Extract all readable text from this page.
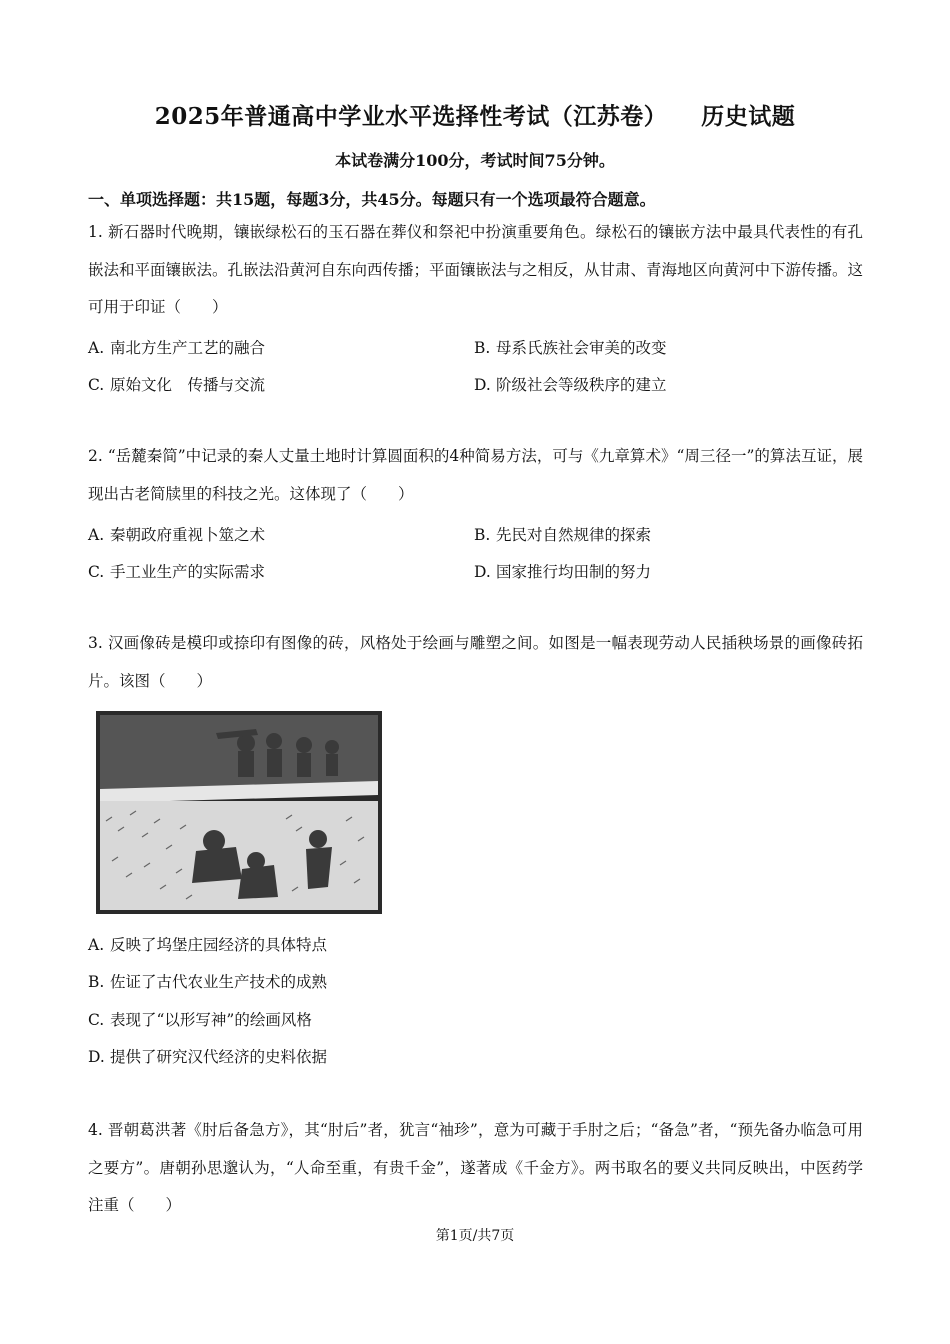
2025年普通高中学业水平选择性考试（江苏卷） 历史试题
本试卷满分100分，考试时间75分钟。
一、单项选择题：共15题，每题3分，共45分。每题只有一个选项最符合题意。
1. 新石器时代晚期，镶嵌绿松石的玉石器在葬仪和祭祀中扮演重要角色。绿松石的镶嵌方法中最具代表性的有孔嵌法和平面镶嵌法。孔嵌法沿黄河自东向西传播；平面镶嵌法与之相反，从甘肃、青海地区向黄河中下游传播。这可用于印证（　　）
A. 南北方生产工艺的融合	B. 母系氏族社会审美的改变
C. 原始文化　传播与交流	D. 阶级社会等级秩序的建立
2. “岳麓秦简”中记录的秦人丈量土地时计算圆面积的4种简易方法，可与《九章算术》“周三径一”的算法互证，展现出古老简牍里的科技之光。这体现了（　　）
A. 秦朝政府重视卜筮之术	B. 先民对自然规律的探索
C. 手工业生产的实际需求	D. 国家推行均田制的努力
3. 汉画像砖是模印或捺印有图像的砖，风格处于绘画与雕塑之间。如图是一幅表现劳动人民插秧场景的画像砖拓片。该图（　　）
A. 反映了坞堡庄园经济的具体特点
B. 佐证了古代农业生产技术的成熟
C. 表现了“以形写神”的绘画风格
D. 提供了研究汉代经济的史料依据
4. 晋朝葛洪著《肘后备急方》，其“肘后”者，犹言“袖珍”，意为可藏于手肘之后；“备急”者，“预先备办临急可用之要方”。唐朝孙思邈认为，“人命至重，有贵千金”，遂著成《千金方》。两书取名的要义共同反映出，中医药学注重（　　）
第1页/共7页
